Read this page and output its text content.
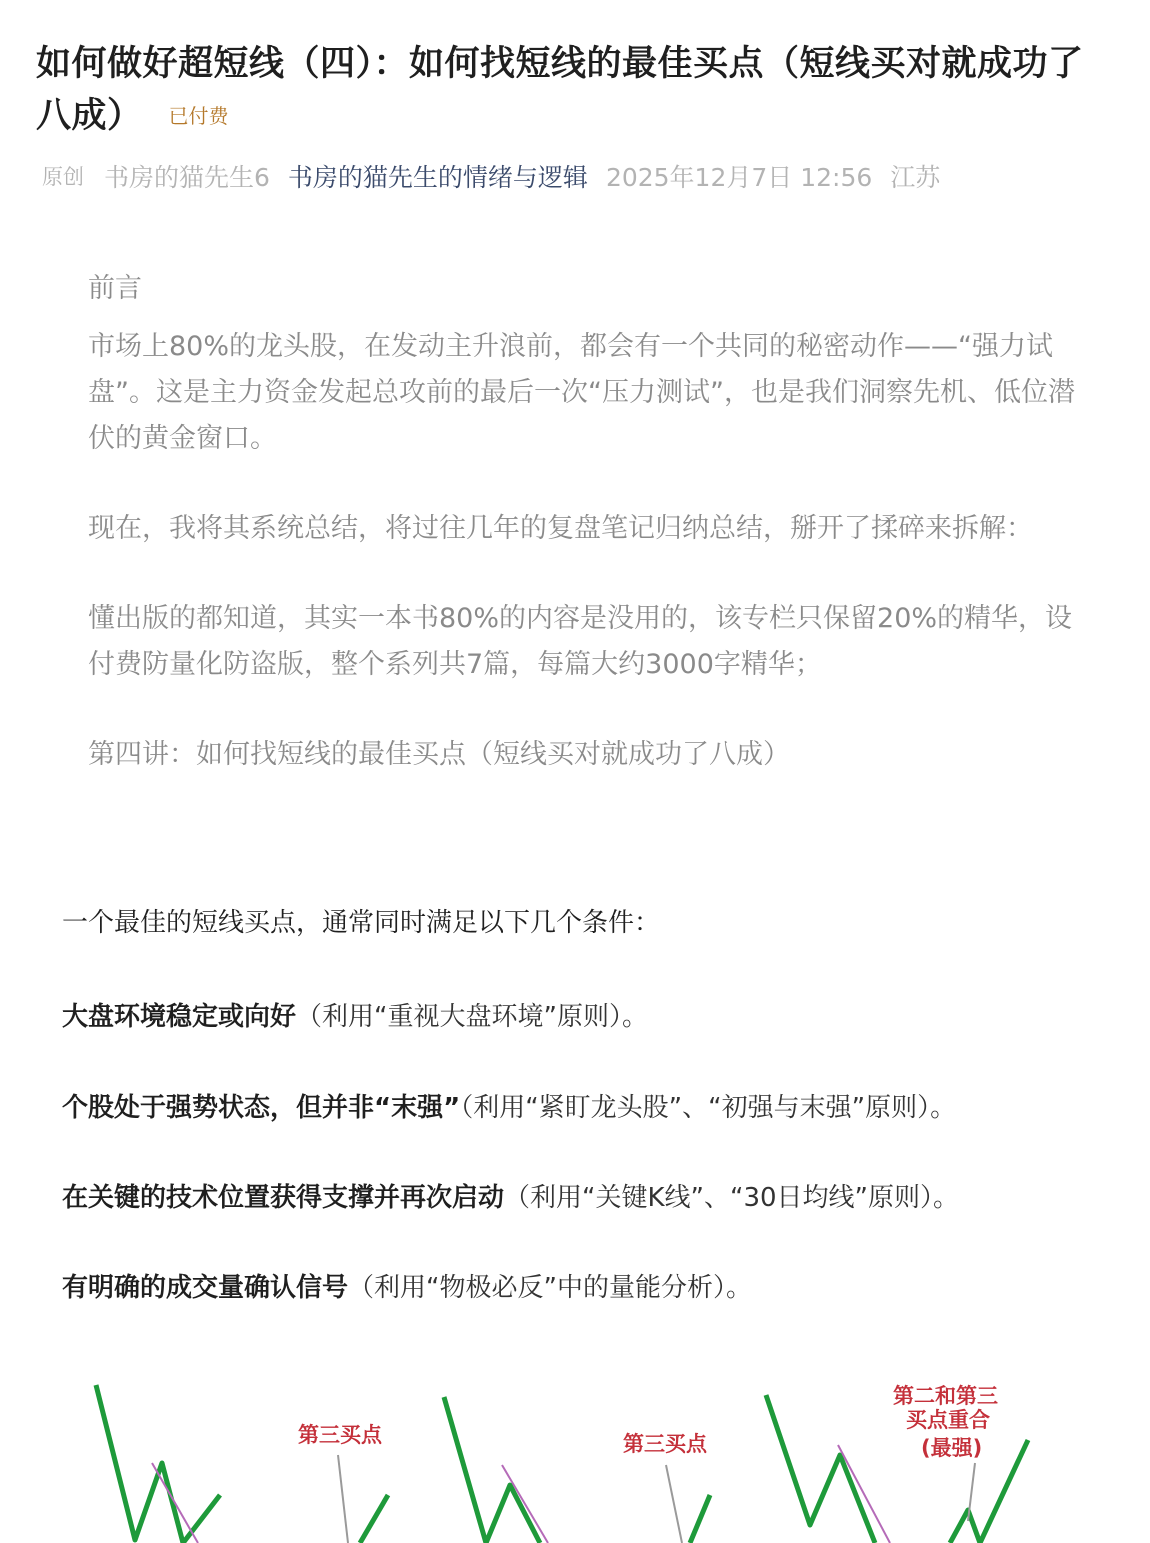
如何做好超短线（四）：如何找短线的最佳买点（短线买对就成功了八成） 已付费
原创 书房的猫先生6 书房的猫先生的情绪与逻辑 2025年12月7日 12:56 江苏

前言

市场上80%的龙头股，在发动主升浪前，都会有一个共同的秘密动作——“强力试盘”。这是主力资金发起总攻前的最后一次“压力测试”，也是我们洞察先机、低位潜伏的黄金窗口。

现在，我将其系统总结，将过往几年的复盘笔记归纳总结，掰开了揉碎来拆解：

懂出版的都知道，其实一本书80%的内容是没用的，该专栏只保留20%的精华，设付费防量化防盗版，整个系列共7篇，每篇大约3000字精华；

第四讲：如何找短线的最佳买点（短线买对就成功了八成）

一个最佳的短线买点，通常同时满足以下几个条件：

大盘环境稳定或向好（利用“重视大盘环境”原则）。

个股处于强势状态，但并非“末强”（利用“紧盯龙头股”、“初强与末强”原则）。

在关键的技术位置获得支撑并再次启动（利用“关键K线”、“30日均线”原则）。

有明确的成交量确认信号（利用“物极必反”中的量能分析）。

第三买点	第三买点
第二和第三
买点重合
(最强)
